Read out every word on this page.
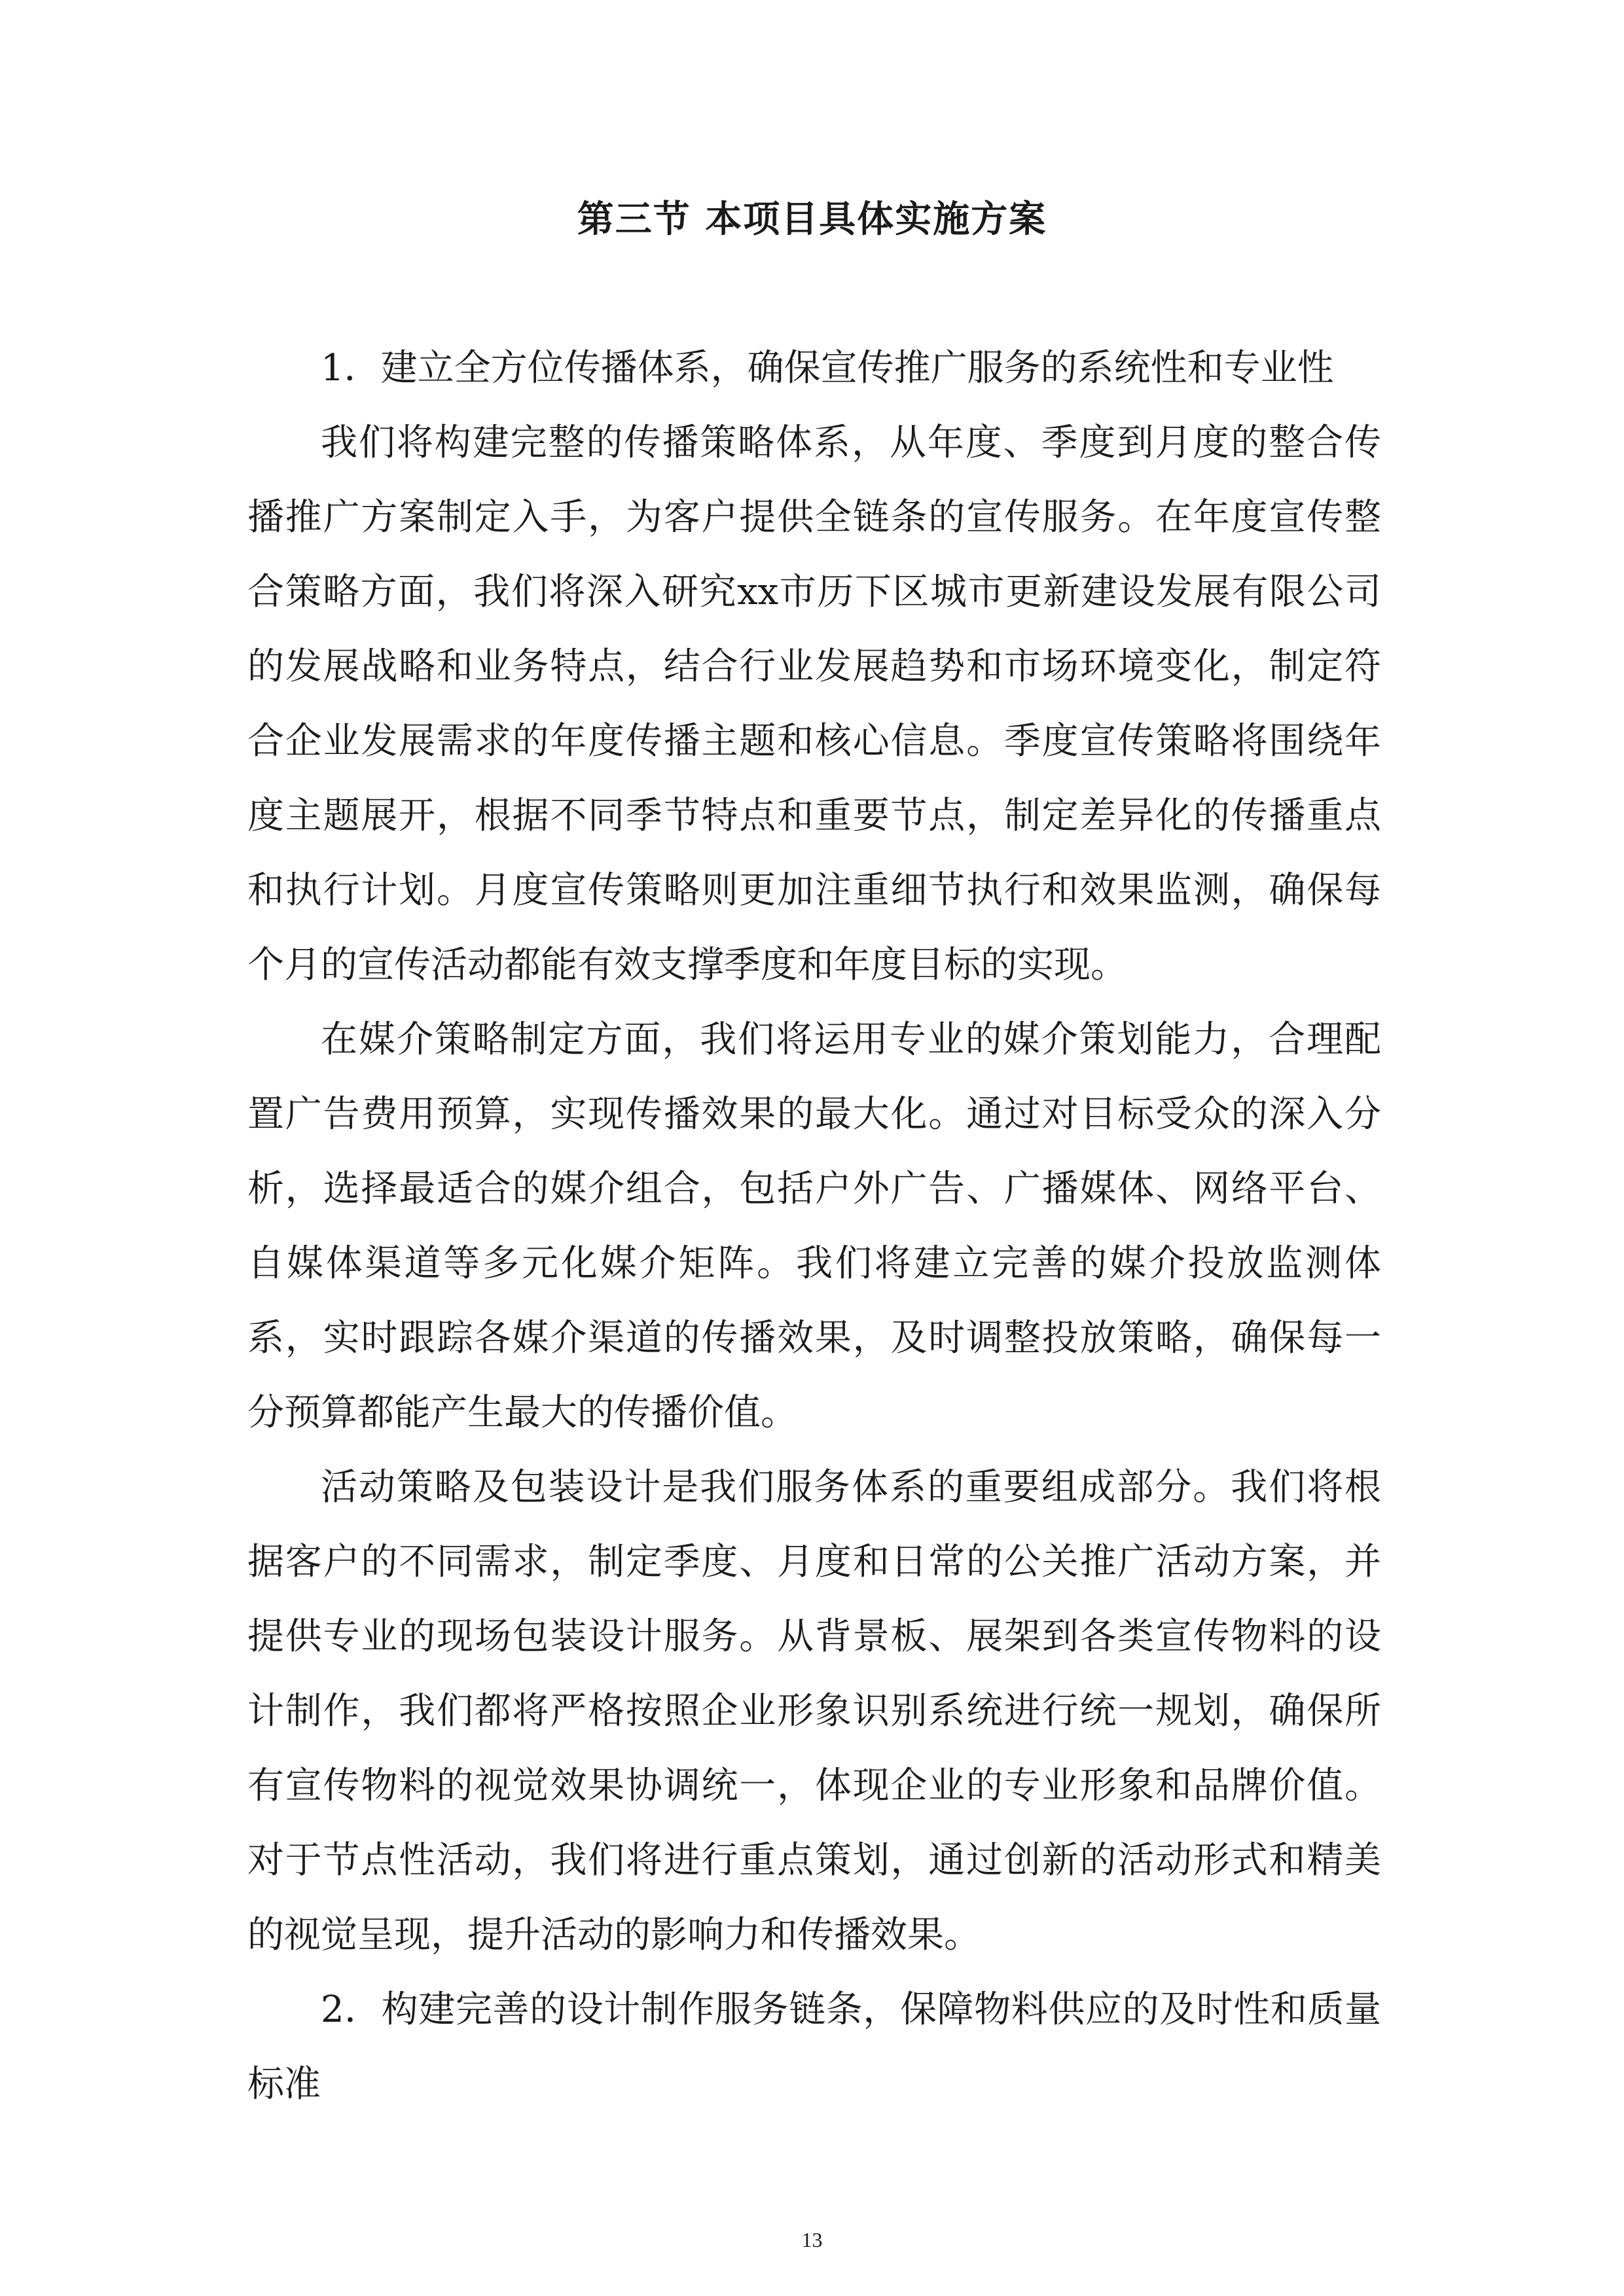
第三节 本项目具体实施方案

1．建立全方位传播体系，确保宣传推广服务的系统性和专业性

我们将构建完整的传播策略体系，从年度、季度到月度的整合传播推广方案制定入手，为客户提供全链条的宣传服务。在年度宣传整合策略方面，我们将深入研究xx市历下区城市更新建设发展有限公司的发展战略和业务特点，结合行业发展趋势和市场环境变化，制定符合企业发展需求的年度传播主题和核心信息。季度宣传策略将围绕年度主题展开，根据不同季节特点和重要节点，制定差异化的传播重点和执行计划。月度宣传策略则更加注重细节执行和效果监测，确保每个月的宣传活动都能有效支撑季度和年度目标的实现。

在媒介策略制定方面，我们将运用专业的媒介策划能力，合理配置广告费用预算，实现传播效果的最大化。通过对目标受众的深入分析，选择最适合的媒介组合，包括户外广告、广播媒体、网络平台、自媒体渠道等多元化媒介矩阵。我们将建立完善的媒介投放监测体系，实时跟踪各媒介渠道的传播效果，及时调整投放策略，确保每一分预算都能产生最大的传播价值。

活动策略及包装设计是我们服务体系的重要组成部分。我们将根据客户的不同需求，制定季度、月度和日常的公关推广活动方案，并提供专业的现场包装设计服务。从背景板、展架到各类宣传物料的设计制作，我们都将严格按照企业形象识别系统进行统一规划，确保所有宣传物料的视觉效果协调统一，体现企业的专业形象和品牌价值。对于节点性活动，我们将进行重点策划，通过创新的活动形式和精美的视觉呈现，提升活动的影响力和传播效果。

2．构建完善的设计制作服务链条，保障物料供应的及时性和质量标准

13
